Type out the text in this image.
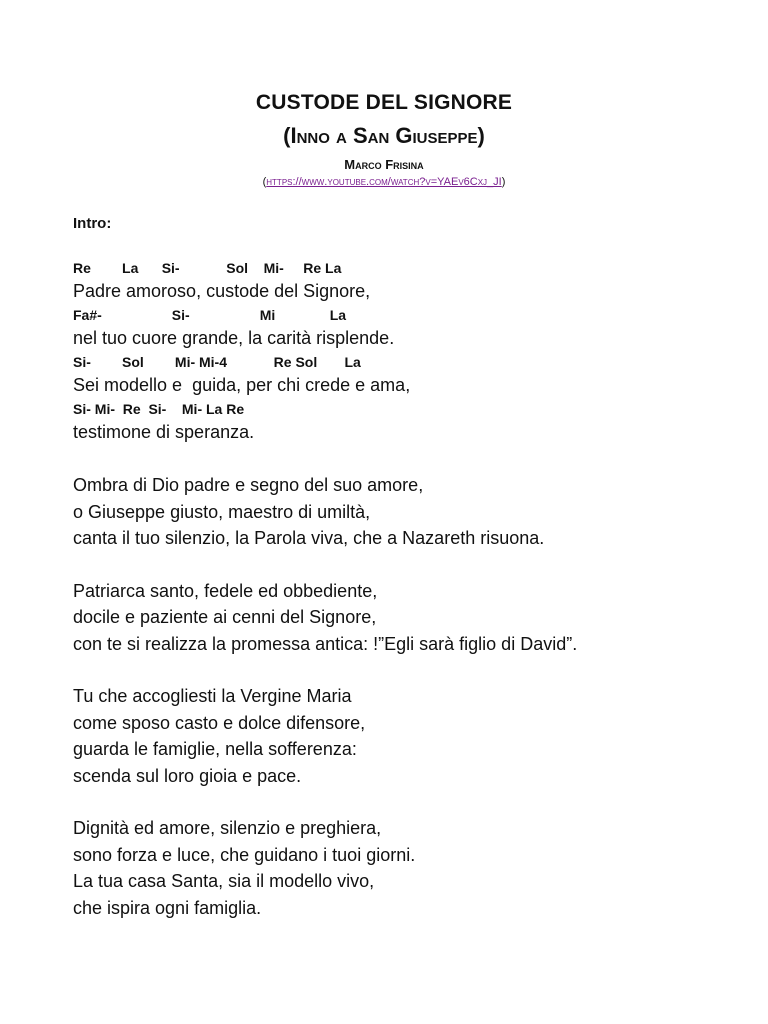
CUSTODE DEL SIGNORE
(Inno a San Giuseppe)
Marco Frisina
(https://www.youtube.com/watch?v=YAEv6Cxj_JI)
Intro:
Re        La      Si-            Sol    Mi-     Re La
Padre amoroso, custode del Signore,
Fa#-                  Si-                  Mi              La
nel tuo cuore grande, la carità risplende.
Si-        Sol        Mi- Mi-4            Re Sol       La
Sei modello e  guida, per chi crede e ama,
Si- Mi-  Re  Si-    Mi- La Re
testimone di speranza.
Ombra di Dio padre e segno del suo amore,
o Giuseppe giusto, maestro di umiltà,
canta il tuo silenzio, la Parola viva, che a Nazareth risuona.
Patriarca santo, fedele ed obbediente,
docile e paziente ai cenni del Signore,
con te si realizza la promessa antica: !”Egli sarà figlio di David”.
Tu che accogliesti la Vergine Maria
come sposo casto e dolce difensore,
guarda le famiglie, nella sofferenza:
scenda sul loro gioia e pace.
Dignità ed amore, silenzio e preghiera,
sono forza e luce, che guidano i tuoi giorni.
La tua casa Santa, sia il modello vivo,
che ispira ogni famiglia.
